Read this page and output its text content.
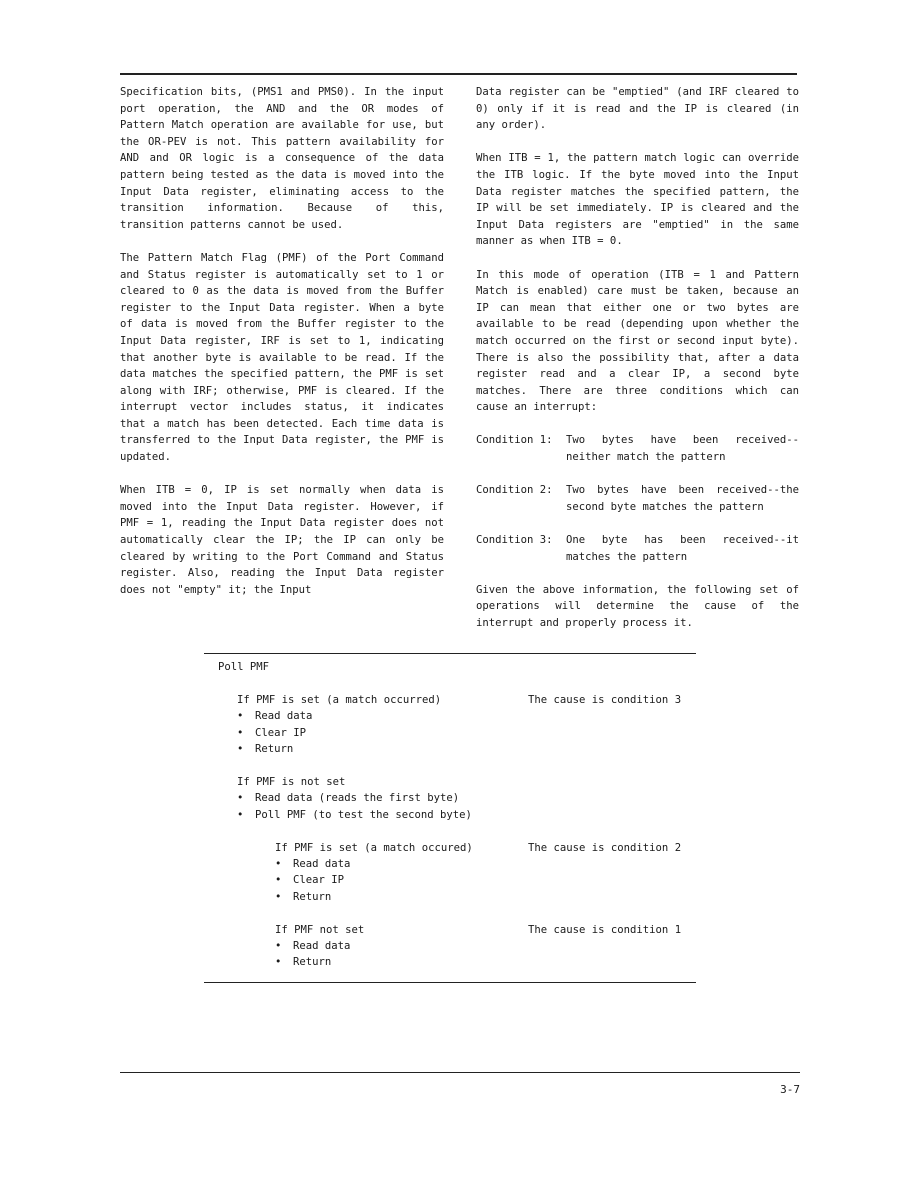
Specification bits, (PMS1 and PMS0). In the input port operation, the AND and the OR modes of Pattern Match operation are available for use, but the OR-PEV is not. This pattern availability for AND and OR logic is a consequence of the data pattern being tested as the data is moved into the Input Data register, eliminating access to the transition information. Because of this, transition patterns cannot be used.

The Pattern Match Flag (PMF) of the Port Command and Status register is automatically set to 1 or cleared to 0 as the data is moved from the Buffer register to the Input Data register. When a byte of data is moved from the Buffer register to the Input Data register, IRF is set to 1, indicating that another byte is available to be read. If the data matches the specified pattern, the PMF is set along with IRF; otherwise, PMF is cleared. If the interrupt vector includes status, it indicates that a match has been detected. Each time data is transferred to the Input Data register, the PMF is updated.

When ITB = 0, IP is set normally when data is moved into the Input Data register. However, if PMF = 1, reading the Input Data register does not automatically clear the IP; the IP can only be cleared by writing to the Port Command and Status register. Also, reading the Input Data register does not "empty" it; the Input

Data register can be "emptied" (and IRF cleared to 0) only if it is read and the IP is cleared (in any order).

When ITB = 1, the pattern match logic can override the ITB logic. If the byte moved into the Input Data register matches the specified pattern, the IP will be set immediately. IP is cleared and the Input Data registers are "emptied" in the same manner as when ITB = 0.

In this mode of operation (ITB = 1 and Pattern Match is enabled) care must be taken, because an IP can mean that either one or two bytes are available to be read (depending upon whether the match occurred on the first or second input byte). There is also the possibility that, after a data register read and a clear IP, a second byte matches. There are three conditions which can cause an interrupt:

Condition 1:	Two bytes have been received--neither match the pattern
Condition 2:	Two bytes have been received--the second byte matches the pattern
Condition 3:	One byte has been received--it matches the pattern

Given the above information, the following set of operations will determine the cause of the interrupt and properly process it.

Poll PMF
If PMF is set (a match occurred)	The cause is condition 3
• Read data
• Clear IP
• Return
If PMF is not set
• Read data (reads the first byte)
• Poll PMF (to test the second byte)
If PMF is set (a match occured)	The cause is condition 2
• Read data
• Clear IP
• Return
If PMF not set	The cause is condition 1
• Read data
• Return
3-7
